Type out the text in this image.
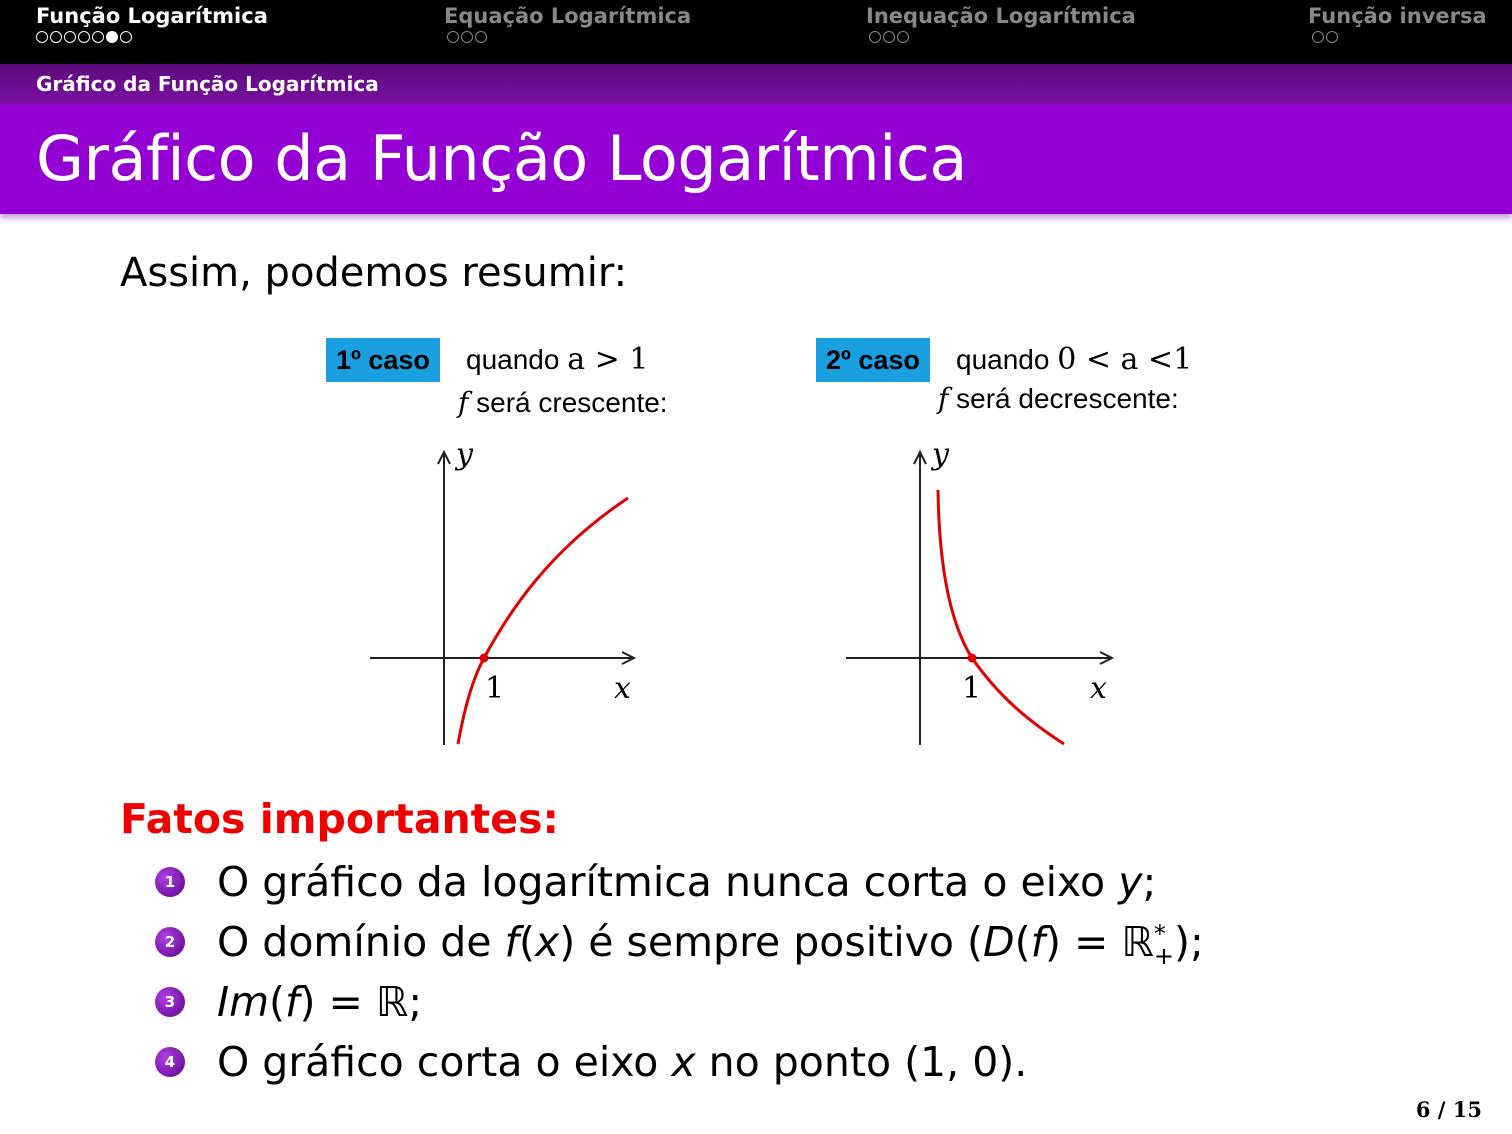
Função Logarítmica	Equação Logarítmica	Inequação Logarítmica	Função inversa
Gráfico da Função Logarítmica
Gráfico da Função Logarítmica
Assim, podemos resumir:
1º caso	quando a > 1
f será crescente:
y
1	x
2º caso	quando 0 < a <1
f será decrescente:
y
1	x
Fatos importantes:
1 O gráfico da logarítmica nunca corta o eixo y;
2 O domínio de f(x) é sempre positivo (D(f) = ℝ *
+ );
3 Im(f) = ℝ;
4 O gráfico corta o eixo x no ponto (1, 0).
6 / 15
